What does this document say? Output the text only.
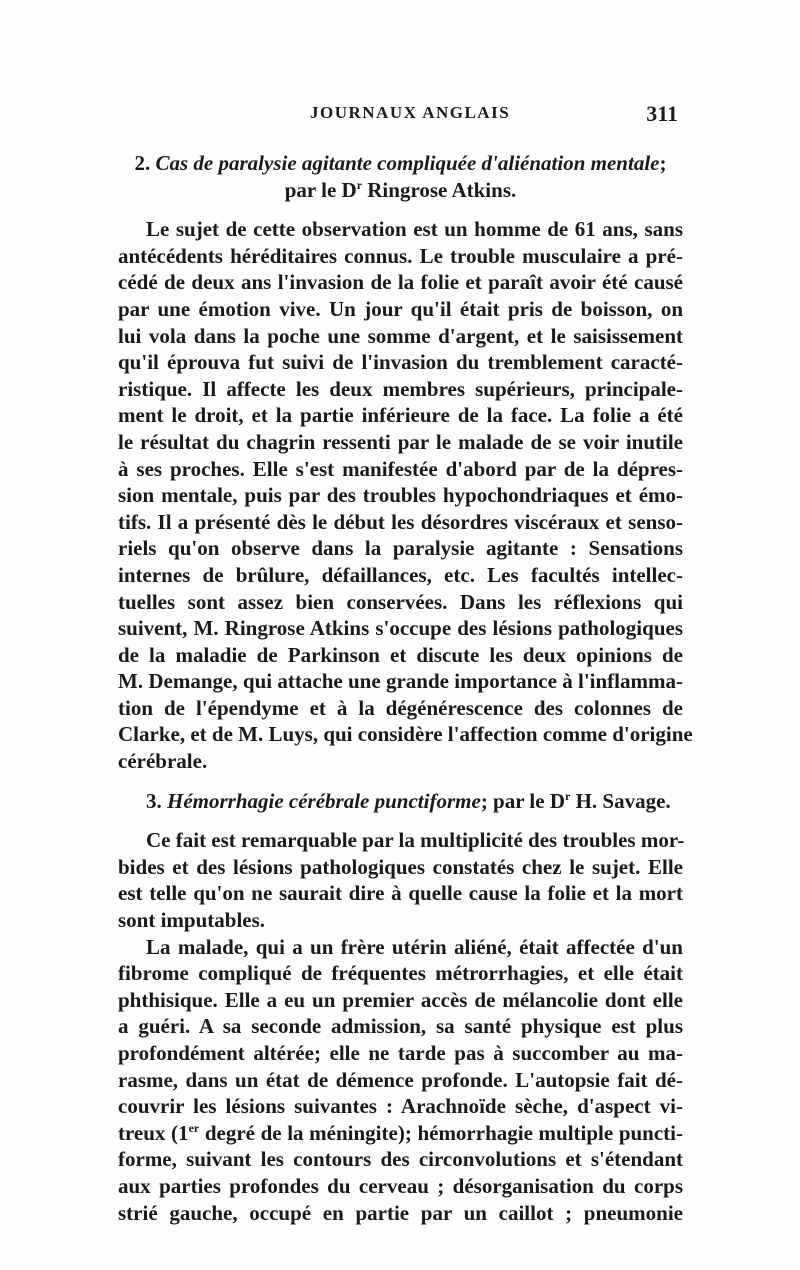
JOURNAUX ANGLAIS	311
2. Cas de paralysie agitante compliquée d'aliénation mentale;
par le $D^r$ Ringrose Atkins.
Le sujet de cette observation est un homme de 61 ans, sans
antécédents héréditaires connus. Le trouble musculaire a pré-
cédé de deux ans l'invasion de la folie et paraît avoir été causé
par une émotion vive. Un jour qu'il était pris de boisson, on
lui vola dans la poche une somme d'argent, et le saisissement
qu'il éprouva fut suivi de l'invasion du tremblement caracté-
ristique. Il affecte les deux membres supérieurs, principale-
ment le droit, et la partie inférieure de la face. La folie a été
le résultat du chagrin ressenti par le malade de se voir inutile
à ses proches. Elle s'est manifestée d'abord par de la dépres-
sion mentale, puis par des troubles hypochondriaques et émo-
tifs. Il a présenté dès le début les désordres viscéraux et senso-
riels qu'on observe dans la paralysie agitante : Sensations
internes de brûlure, défaillances, etc. Les facultés intellec-
tuelles sont assez bien conservées. Dans les réflexions qui
suivent, M. Ringrose Atkins s'occupe des lésions pathologiques
de la maladie de Parkinson et discute les deux opinions de
M. Demange, qui attache une grande importance à l'inflamma-
tion de l'épendyme et à la dégénérescence des colonnes de
Clarke, et de M. Luys, qui considère l'affection comme d'origine
cérébrale.
3. Hémorrhagie cérébrale punctiforme; par le $D^r$ H. Savage.
Ce fait est remarquable par la multiplicité des troubles mor-
bides et des lésions pathologiques constatés chez le sujet. Elle
est telle qu'on ne saurait dire à quelle cause la folie et la mort
sont imputables.
La malade, qui a un frère utérin aliéné, était affectée d'un
fibrome compliqué de fréquentes métrorrhagies, et elle était
phthisique. Elle a eu un premier accès de mélancolie dont elle
a guéri. A sa seconde admission, sa santé physique est plus
profondément altérée; elle ne tarde pas à succomber au ma-
rasme, dans un état de démence profonde. L'autopsie fait dé-
couvrir les lésions suivantes : Arachnoïde sèche, d'aspect vi-
treux (1er degré de la méningite); hémorrhagie multiple puncti-
forme, suivant les contours des circonvolutions et s'étendant
aux parties profondes du cerveau ; désorganisation du corps
strié gauche, occupé en partie par un caillot ; pneumonie
